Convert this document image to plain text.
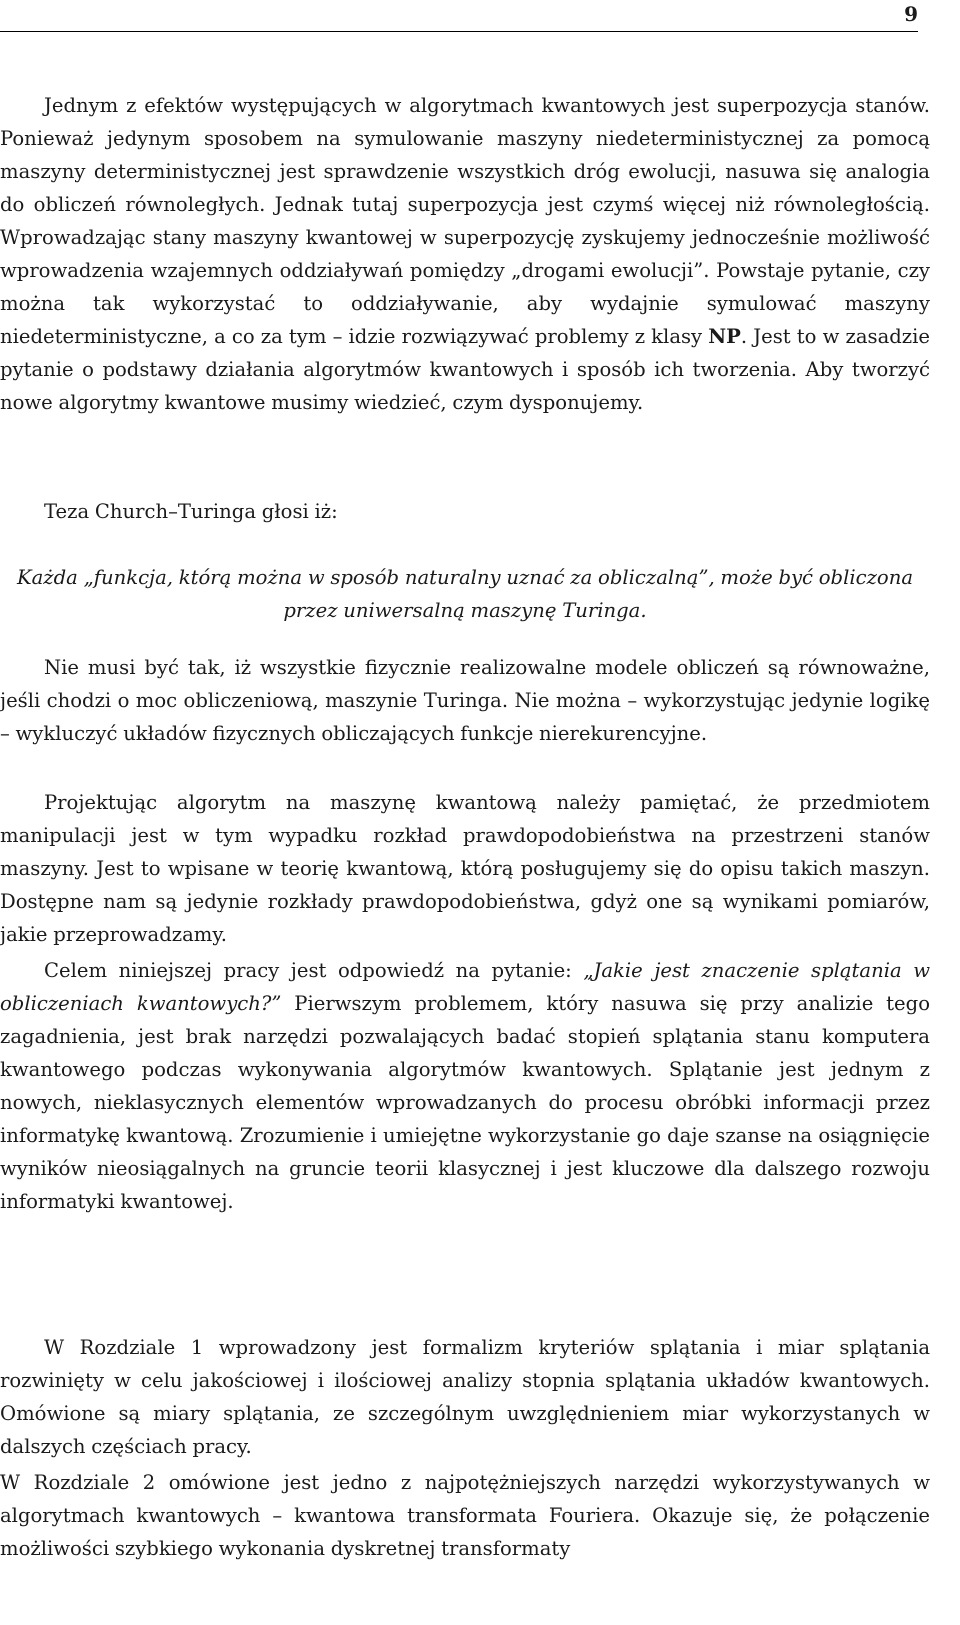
9
Jednym z efektów występujących w algorytmach kwantowych jest superpozycja stanów. Ponieważ jedynym sposobem na symulowanie maszyny niedeterministycznej za pomocą maszyny deterministycznej jest sprawdzenie wszystkich dróg ewolucji, nasuwa się analogia do obliczeń równoległych. Jednak tutaj superpozycja jest czymś więcej niż równoległością. Wprowadzając stany maszyny kwantowej w superpozycję zyskujemy jednocześnie możliwość wprowadzenia wzajemnych oddziaływań pomiędzy „drogami ewolucji”. Powstaje pytanie, czy można tak wykorzystać to oddziaływanie, aby wydajnie symulować maszyny niedeterministyczne, a co za tym – idzie rozwiązywać problemy z klasy NP. Jest to w zasadzie pytanie o podstawy działania algorytmów kwantowych i sposób ich tworzenia. Aby tworzyć nowe algorytmy kwantowe musimy wiedzieć, czym dysponujemy.
Teza Church–Turinga głosi iż:
Każda „funkcja, którą można w sposób naturalny uznać za obliczalną”, może być obliczona przez uniwersalną maszynę Turinga.
Nie musi być tak, iż wszystkie fizycznie realizowalne modele obliczeń są równoważne, jeśli chodzi o moc obliczeniową, maszynie Turinga. Nie można – wykorzystując jedynie logikę – wykluczyć układów fizycznych obliczających funkcje nierekurencyjne.
Projektując algorytm na maszynę kwantową należy pamiętać, że przedmiotem manipulacji jest w tym wypadku rozkład prawdopodobieństwa na przestrzeni stanów maszyny. Jest to wpisane w teorię kwantową, którą posługujemy się do opisu takich maszyn. Dostępne nam są jedynie rozkłady prawdopodobieństwa, gdyż one są wynikami pomiarów, jakie przeprowadzamy.
Celem niniejszej pracy jest odpowiedź na pytanie: „Jakie jest znaczenie splątania w obliczeniach kwantowych?” Pierwszym problemem, który nasuwa się przy analizie tego zagadnienia, jest brak narzędzi pozwalających badać stopień splątania stanu komputera kwantowego podczas wykonywania algorytmów kwantowych. Splątanie jest jednym z nowych, nieklasycznych elementów wprowadzanych do procesu obróbki informacji przez informatykę kwantową. Zrozumienie i umiejętne wykorzystanie go daje szanse na osiągnięcie wyników nieosiągalnych na gruncie teorii klasycznej i jest kluczowe dla dalszego rozwoju informatyki kwantowej.
W Rozdziale 1 wprowadzony jest formalizm kryteriów splątania i miar splątania rozwinięty w celu jakościowej i ilościowej analizy stopnia splątania układów kwantowych. Omówione są miary splątania, ze szczególnym uwzględnieniem miar wykorzystanych w dalszych częściach pracy.
W Rozdziale 2 omówione jest jedno z najpotężniejszych narzędzi wykorzystywanych w algorytmach kwantowych – kwantowa transformata Fouriera. Okazuje się, że połączenie możliwości szybkiego wykonania dyskretnej transformaty
